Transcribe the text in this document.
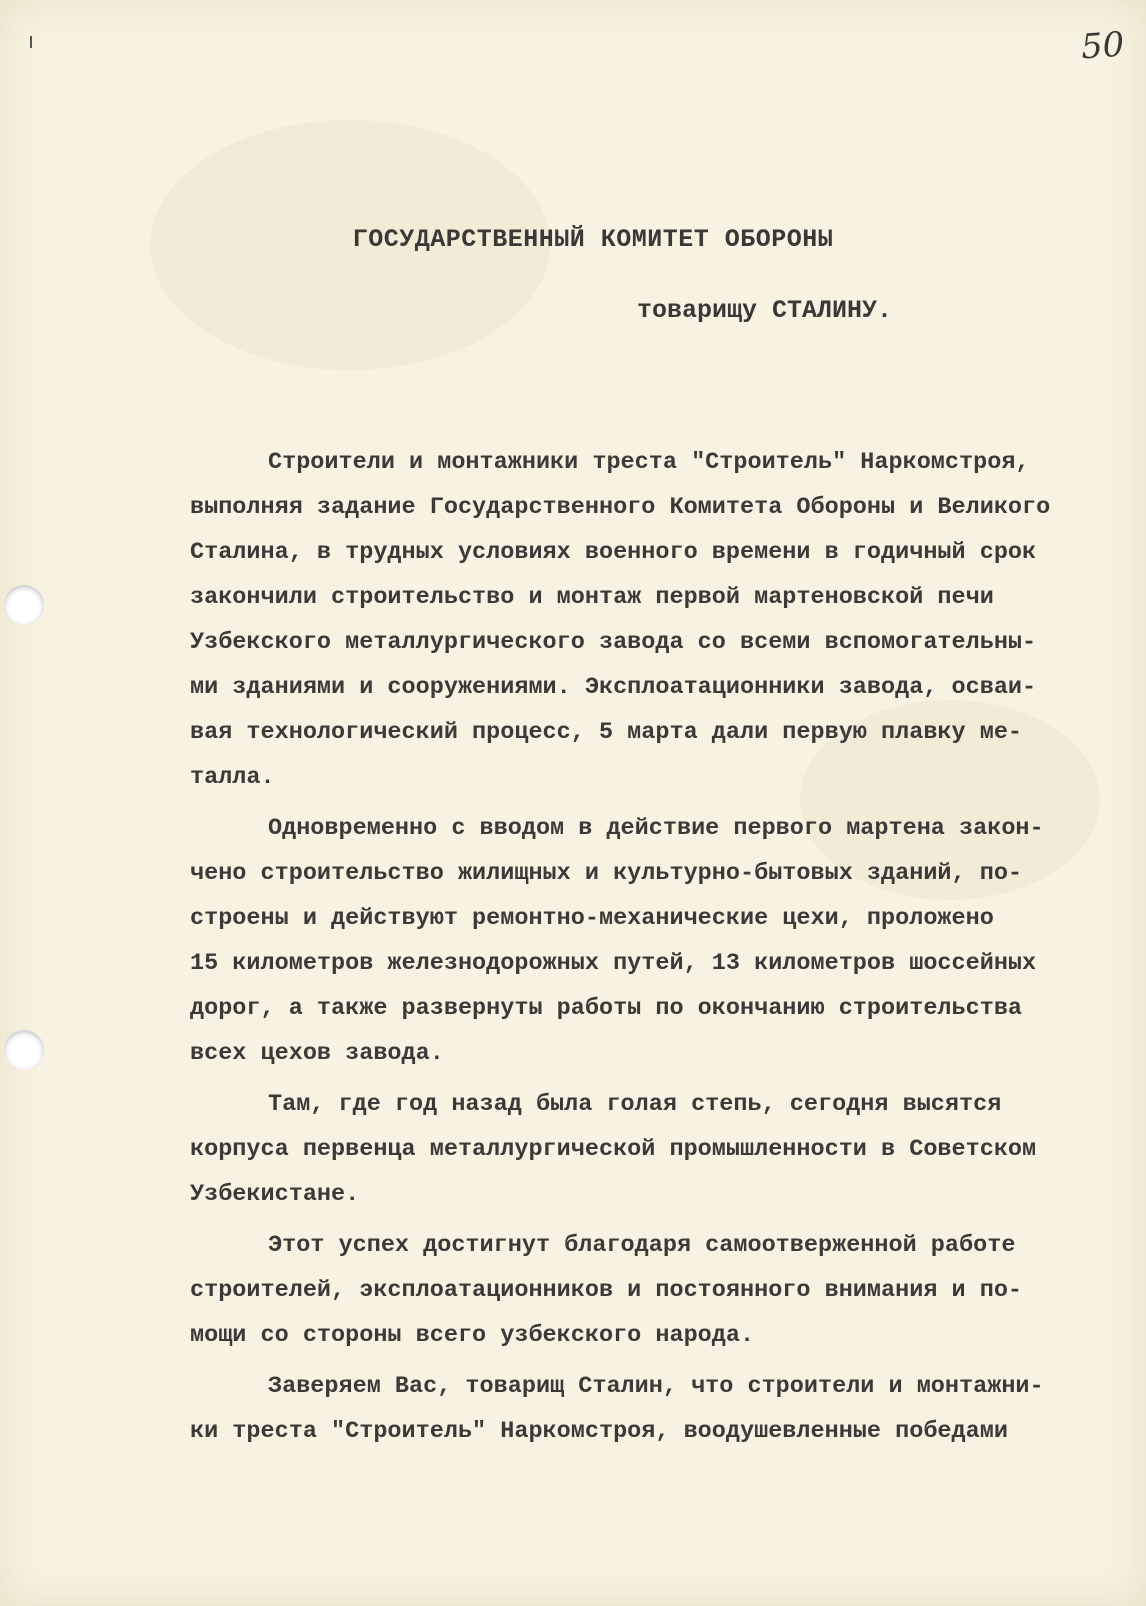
50
ГОСУДАРСТВЕННЫЙ КОМИТЕТ ОБОРОНЫ
товарищу СТАЛИНУ.

Строители и монтажники треста "Строитель" Наркомстроя,
выполняя задание Государственного Комитета Обороны и Великого
Сталина, в трудных условиях военного времени в годичный срок
закончили строительство и монтаж первой мартеновской печи
Узбекского металлургического завода со всеми вспомогательны-
ми зданиями и сооружениями. Эксплоатационники завода, осваи-
вая технологический процесс, 5 марта дали первую плавку ме-
талла.

Одновременно с вводом в действие первого мартена закон-
чено строительство жилищных и культурно-бытовых зданий, по-
строены и действуют ремонтно-механические цехи, проложено
15 километров железнодорожных путей, 13 километров шоссейных
дорог, а также развернуты работы по окончанию строительства
всех цехов завода.

Там, где год назад была голая степь, сегодня высятся
корпуса первенца металлургической промышленности в Советском
Узбекистане.

Этот успех достигнут благодаря самоотверженной работе
строителей, эксплоатационников и постоянного внимания и по-
мощи со стороны всего узбекского народа.

Заверяем Вас, товарищ Сталин, что строители и монтажни-
ки треста "Строитель" Наркомстроя, воодушевленные победами
